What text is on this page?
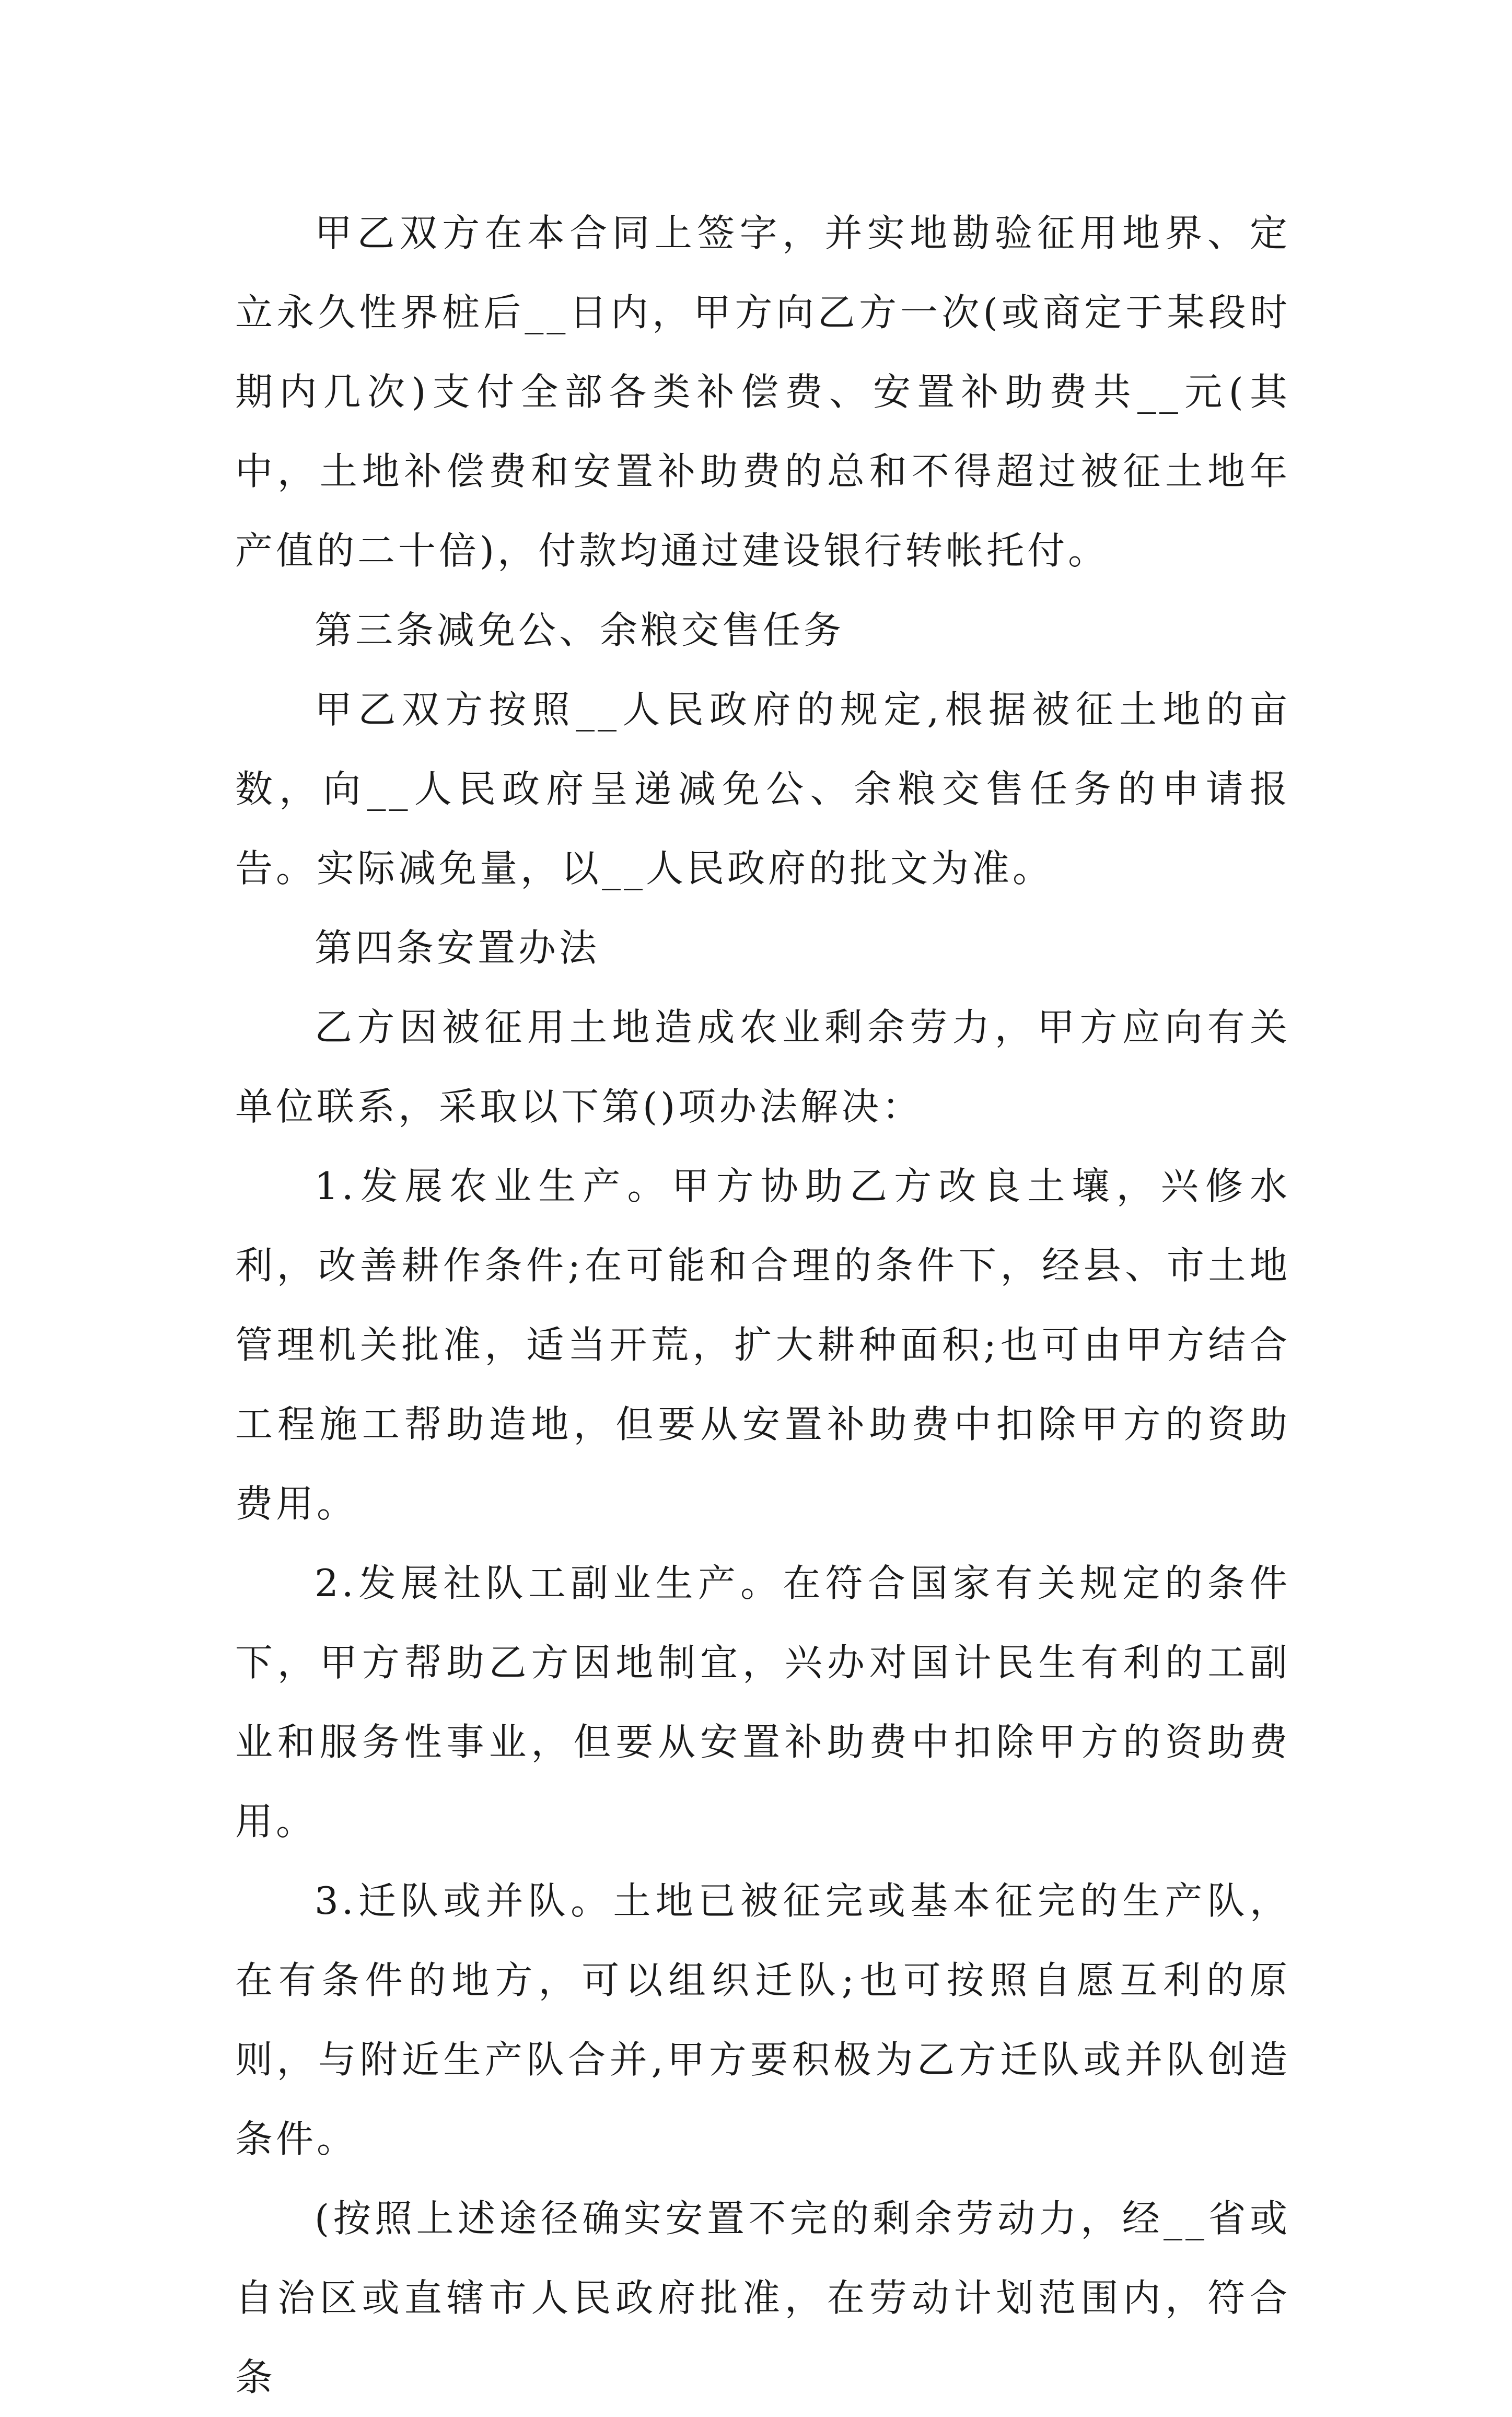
甲乙双方在本合同上签字，并实地勘验征用地界、定立永久性界桩后__日内，甲方向乙方一次(或商定于某段时期内几次)支付全部各类补偿费、安置补助费共__元(其中，土地补偿费和安置补助费的总和不得超过被征土地年产值的二十倍)，付款均通过建设银行转帐托付。

第三条减免公、余粮交售任务

甲乙双方按照__人民政府的规定,根据被征土地的亩数，向__人民政府呈递减免公、余粮交售任务的申请报告。实际减免量，以__人民政府的批文为准。

第四条安置办法

乙方因被征用土地造成农业剩余劳力，甲方应向有关单位联系，采取以下第()项办法解决：

1.发展农业生产。甲方协助乙方改良土壤，兴修水利，改善耕作条件;在可能和合理的条件下，经县、市土地管理机关批准，适当开荒，扩大耕种面积;也可由甲方结合工程施工帮助造地，但要从安置补助费中扣除甲方的资助费用。

2.发展社队工副业生产。在符合国家有关规定的条件下，甲方帮助乙方因地制宜，兴办对国计民生有利的工副业和服务性事业，但要从安置补助费中扣除甲方的资助费用。

3.迁队或并队。土地已被征完或基本征完的生产队，在有条件的地方，可以组织迁队;也可按照自愿互利的原则，与附近生产队合并,甲方要积极为乙方迁队或并队创造条件。

(按照上述途径确实安置不完的剩余劳动力，经__省或自治区或直辖市人民政府批准，在劳动计划范围内，符合条
